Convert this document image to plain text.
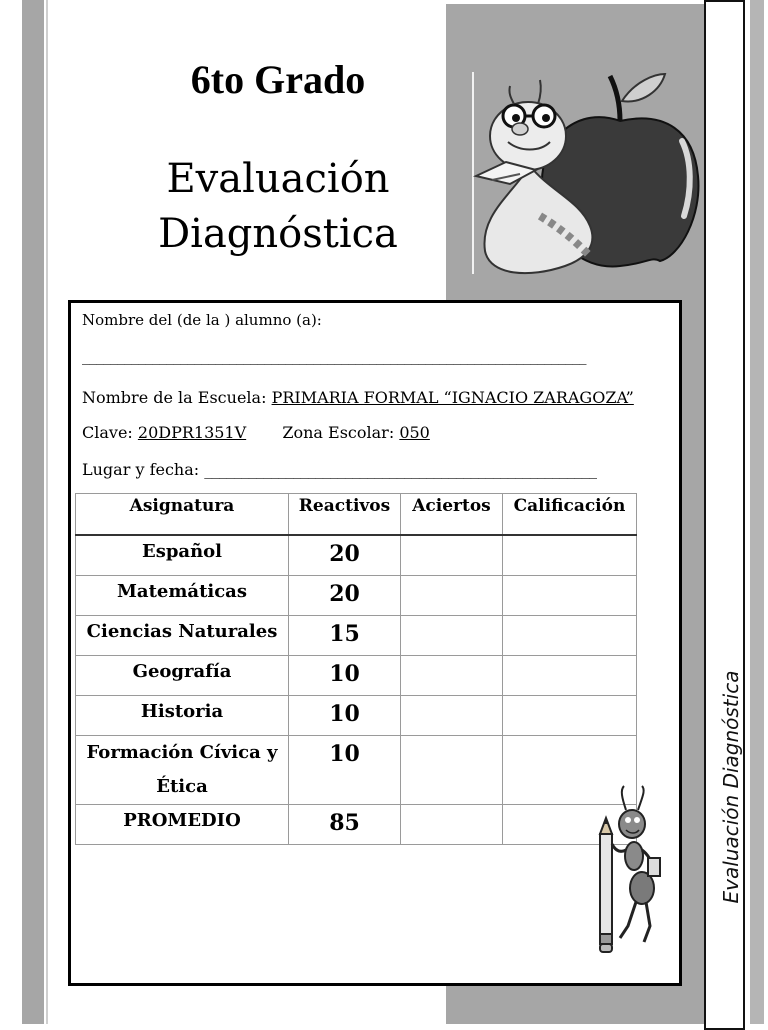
Evaluación Diagnóstica
6to Grado
Evaluación
Diagnóstica
Nombre del (de la ) alumno (a):
________________________________________________________________________
Nombre de la Escuela: PRIMARIA FORMAL “IGNACIO ZARAGOZA”
Clave: 20DPR1351V Zona Escolar: 050
Lugar y fecha: _____________________________________________________
Asignatura	Reactivos	Aciertos	Calificación
Español	20		
Matemáticas	20		
Ciencias Naturales	15		
Geografía	10		
Historia	10		
Formación Cívica y Ética	10		
PROMEDIO	85		
